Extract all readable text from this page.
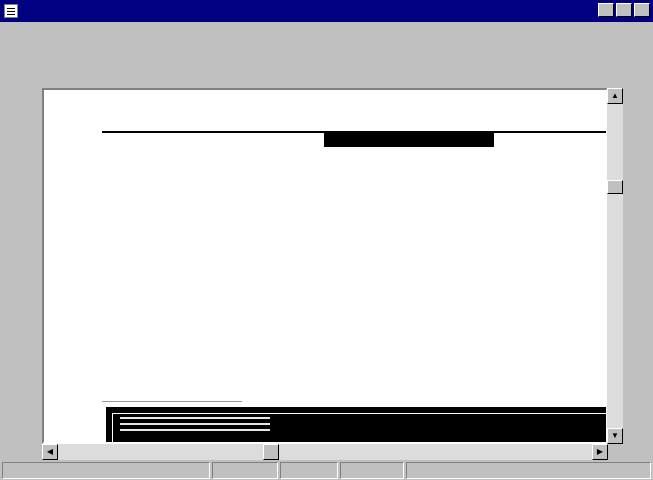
▲
▼
◀	▶
